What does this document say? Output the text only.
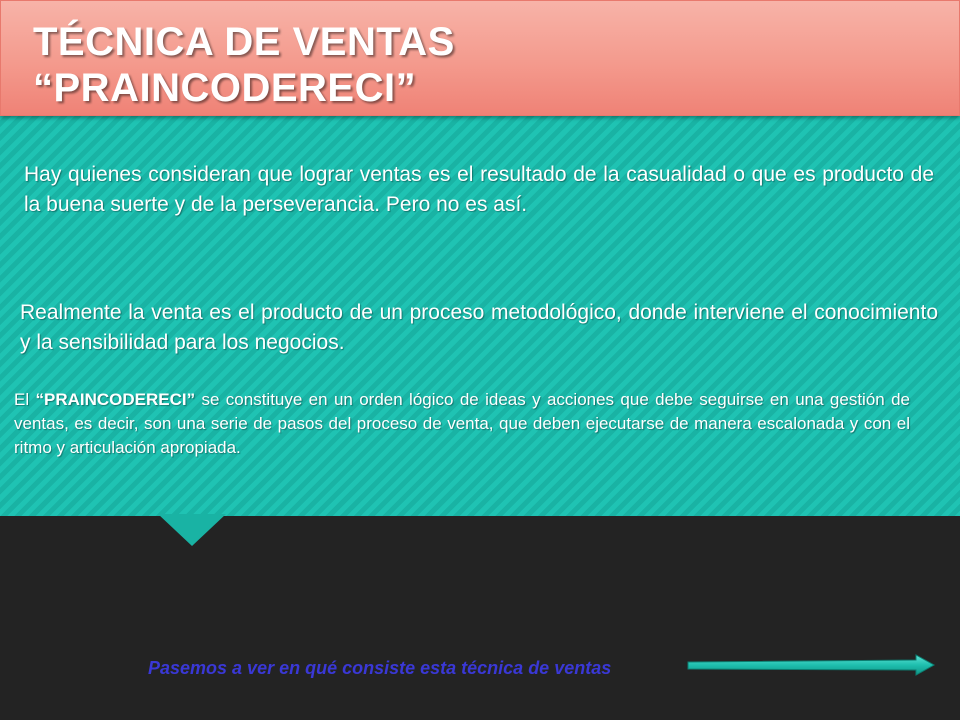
TÉCNICA DE VENTAS
“PRAINCODERECI”

Hay quienes consideran que lograr ventas es el resultado de la casualidad o que es producto de la buena suerte y de la perseverancia. Pero no es así.

Realmente la venta es el producto de un proceso metodológico, donde interviene el conocimiento y la sensibilidad para los negocios.

El “PRAINCODERECI” se constituye en un orden lógico de ideas y acciones que debe seguirse en una gestión de ventas, es decir, son una serie de pasos del proceso de venta, que deben ejecutarse de manera escalonada y con el ritmo y articulación apropiada.

Pasemos a ver en qué consiste esta técnica de ventas
